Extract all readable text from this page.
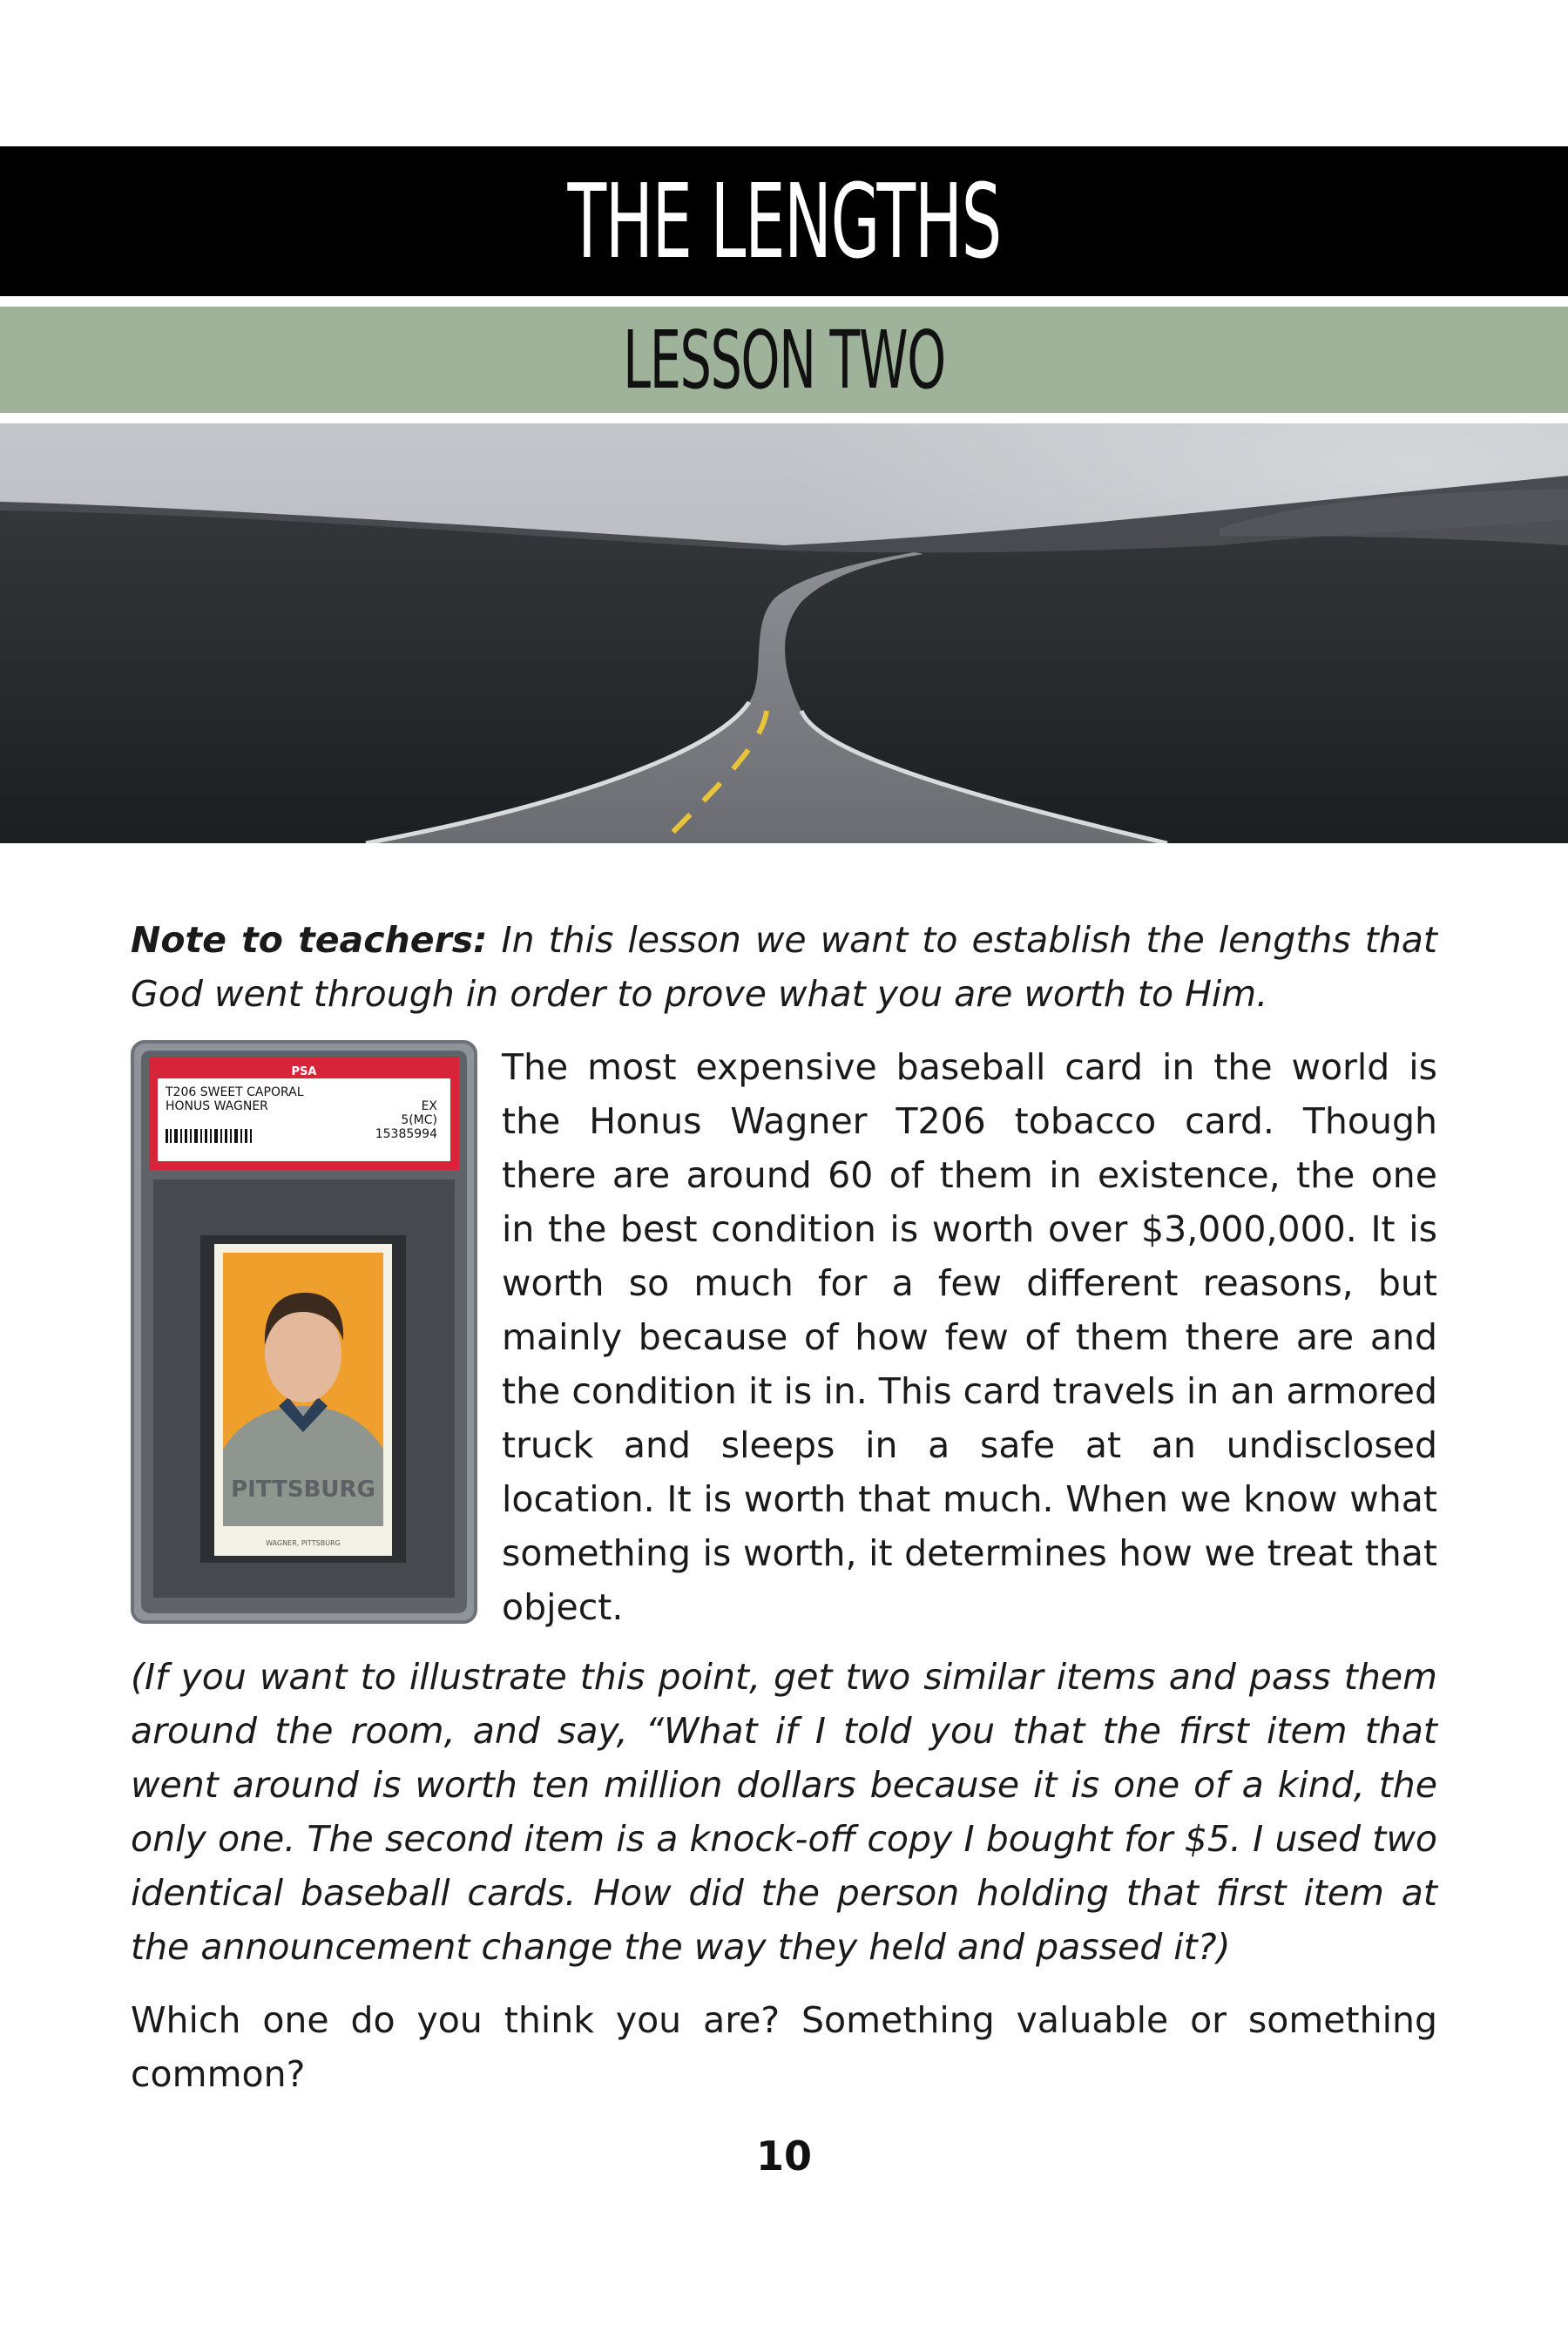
THE LENGTHS
LESSON TWO

Note to teachers: In this lesson we want to establish the lengths that God went through in order to prove what you are worth to Him.

PSA
T206 SWEET CAPORAL
HONUS WAGNER	EX
5(MC)
15385994
PITTSBURG
WAGNER, PITTSBURG

The most expensive baseball card in the world is the Honus Wagner T206 tobacco card. Though there are around 60 of them in existence, the one in the best condition is worth over $3,000,000. It is worth so much for a few different reasons, but mainly because of how few of them there are and the condition it is in. This card travels in an armored truck and sleeps in a safe at an undisclosed location. It is worth that much. When we know what something is worth, it determines how we treat that object.

(If you want to illustrate this point, get two similar items and pass them around the room, and say, “What if I told you that the first item that went around is worth ten million dollars because it is one of a kind, the only one. The second item is a knock-off copy I bought for $5. I used two identical baseball cards. How did the person holding that first item at the announcement change the way they held and passed it?)

Which one do you think you are? Something valuable or something common?

10
